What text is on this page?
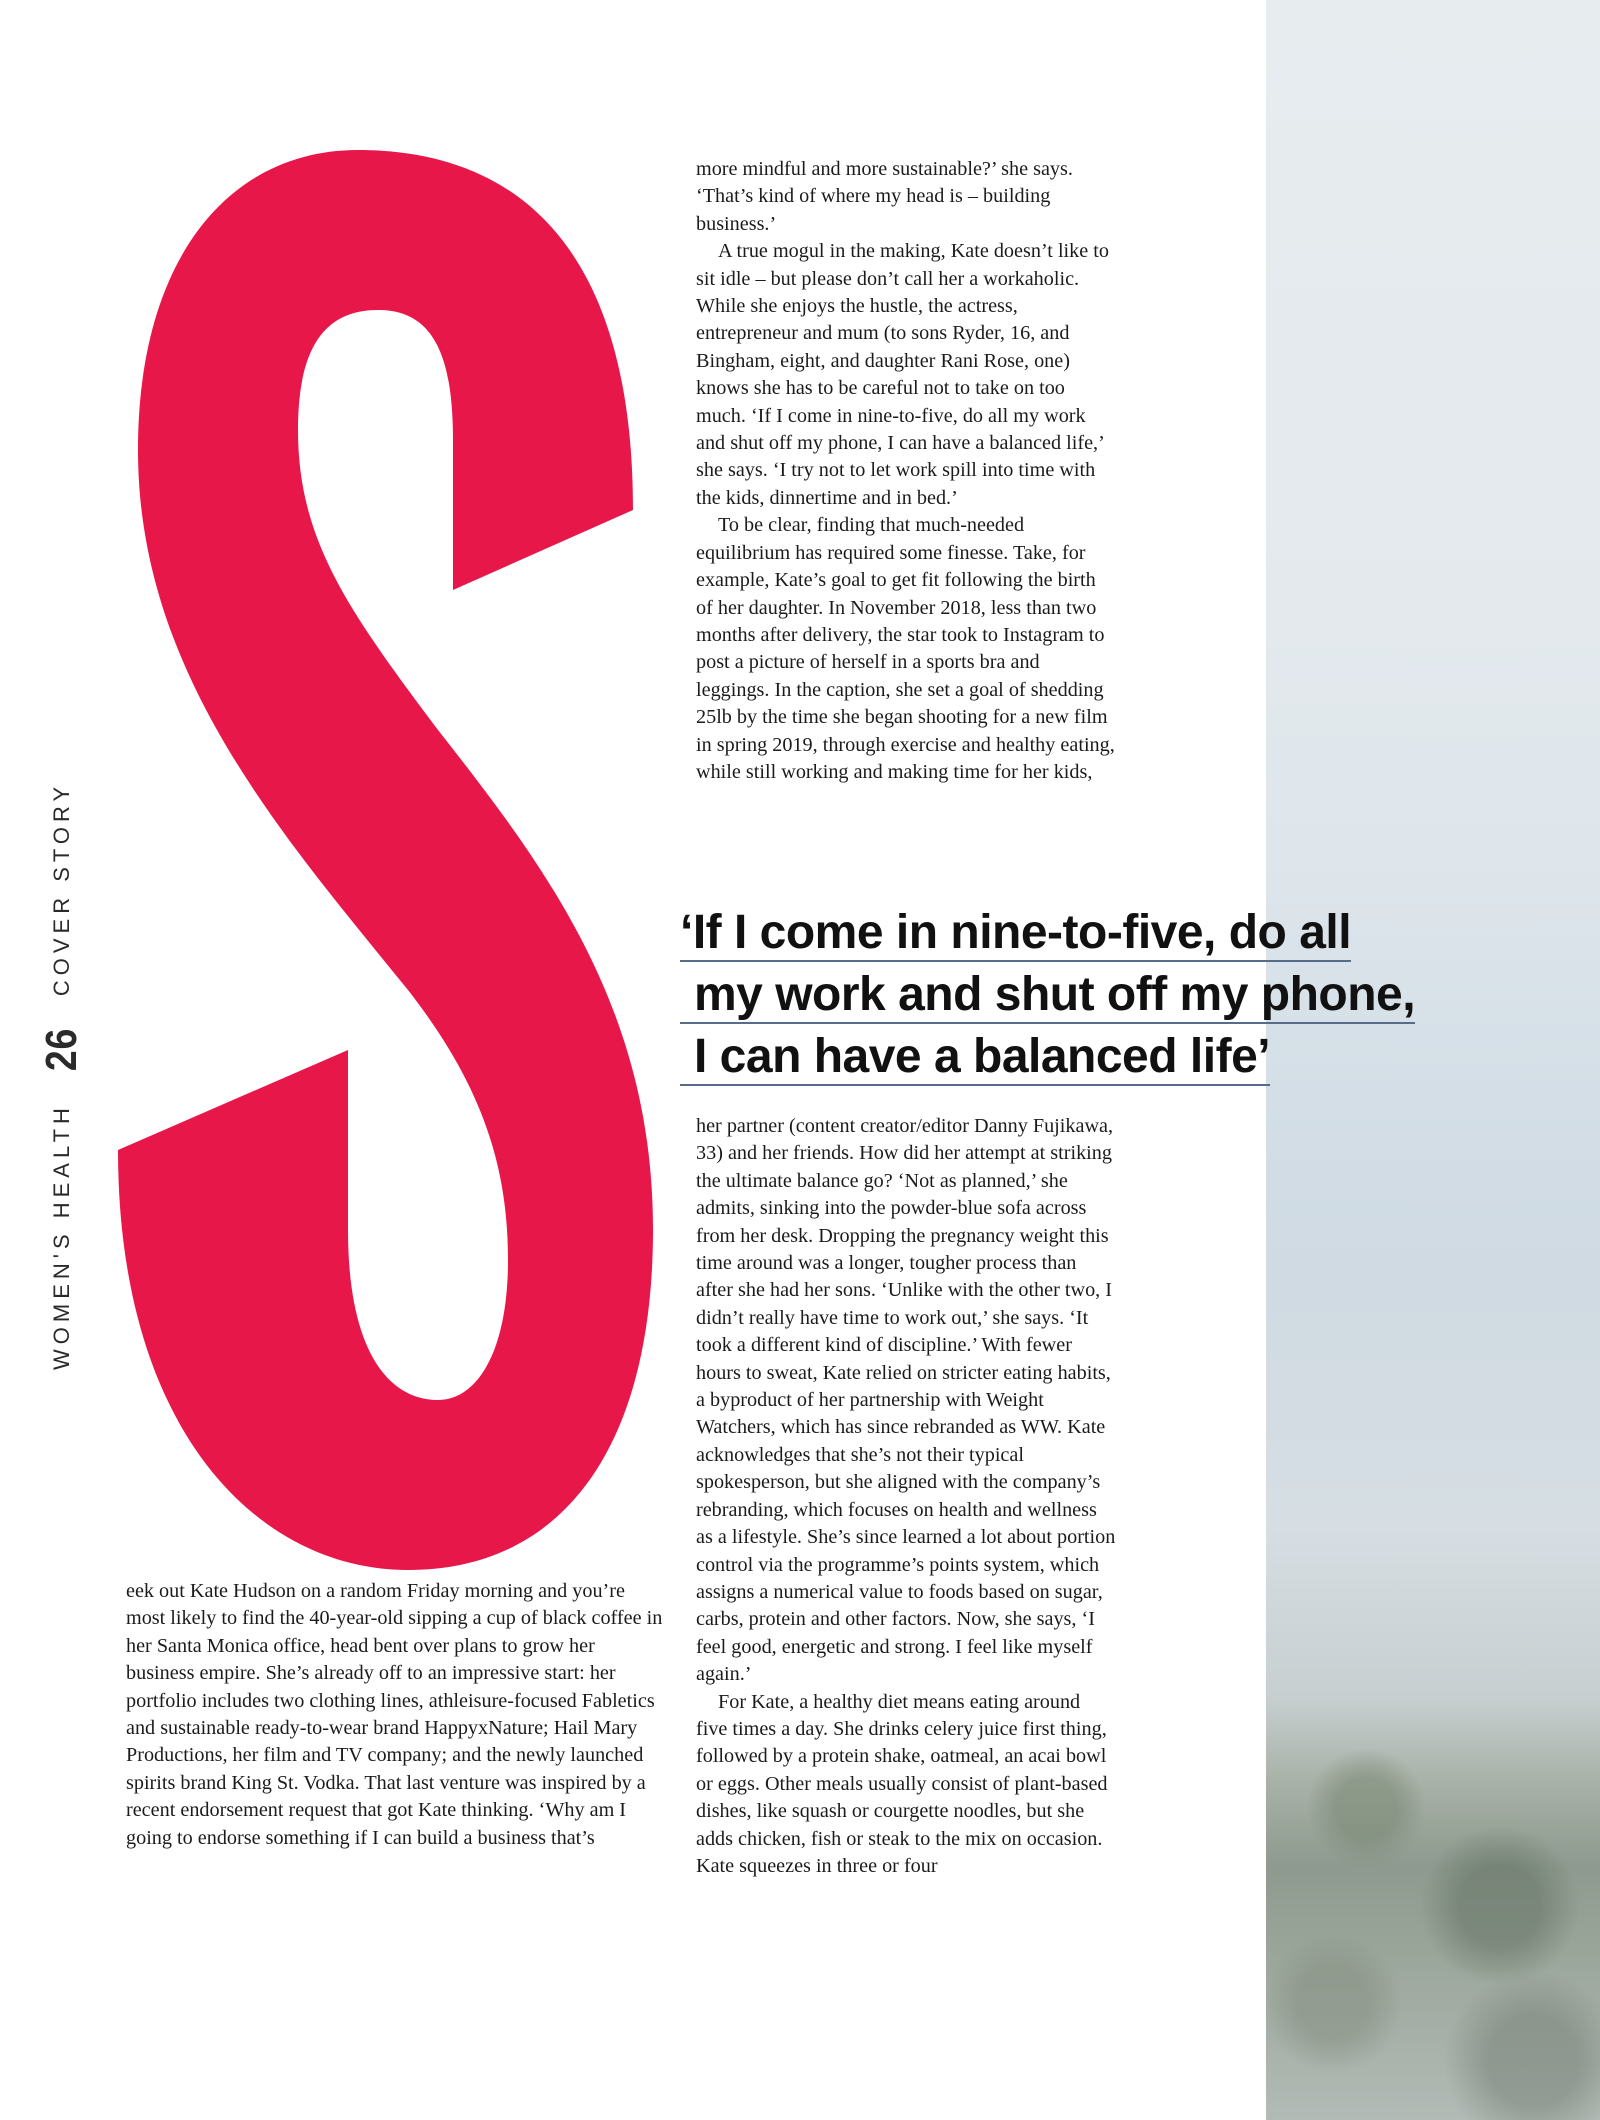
WOMEN'S HEALTH
26
COVER STORY

more mindful and more sustainable?’ she says. ‘That’s kind of where my head is – building business.’

A true mogul in the making, Kate doesn’t like to sit idle – but please don’t call her a workaholic. While she enjoys the hustle, the actress, entrepreneur and mum (to sons Ryder, 16, and Bingham, eight, and daughter Rani Rose, one) knows she has to be careful not to take on too much. ‘If I come in nine-to-five, do all my work and shut off my phone, I can have a balanced life,’ she says. ‘I try not to let work spill into time with the kids, dinnertime and in bed.’

To be clear, finding that much-needed equilibrium has required some finesse. Take, for example, Kate’s goal to get fit following the birth of her daughter. In November 2018, less than two months after delivery, the star took to Instagram to post a picture of herself in a sports bra and leggings. In the caption, she set a goal of shedding 25lb by the time she began shooting for a new film in spring 2019, through exercise and healthy eating, while still working and making time for her kids,

‘If I come in nine-to-five, do all
my work and shut off my phone,
I can have a balanced life’

her partner (content creator/editor Danny Fujikawa, 33) and her friends. How did her attempt at striking the ultimate balance go? ‘Not as planned,’ she admits, sinking into the powder-blue sofa across from her desk. Dropping the pregnancy weight this time around was a longer, tougher process than after she had her sons. ‘Unlike with the other two, I didn’t really have time to work out,’ she says. ‘It took a different kind of discipline.’ With fewer hours to sweat, Kate relied on stricter eating habits, a byproduct of her partnership with Weight Watchers, which has since rebranded as WW. Kate acknowledges that she’s not their typical spokesperson, but she aligned with the company’s rebranding, which focuses on health and wellness as a lifestyle. She’s since learned a lot about portion control via the programme’s points system, which assigns a numerical value to foods based on sugar, carbs, protein and other factors. Now, she says, ‘I feel good, energetic and strong. I feel like myself again.’

For Kate, a healthy diet means eating around five times a day. She drinks celery juice first thing, followed by a protein shake, oatmeal, an acai bowl or eggs. Other meals usually consist of plant-based dishes, like squash or courgette noodles, but she adds chicken, fish or steak to the mix on occasion. Kate squeezes in three or four

eek out Kate Hudson on a random Friday morning and you’re most likely to find the 40-year-old sipping a cup of black coffee in her Santa Monica office, head bent over plans to grow her business empire. She’s already off to an impressive start: her portfolio includes two clothing lines, athleisure-focused Fabletics and sustainable ready-to-wear brand HappyxNature; Hail Mary Productions, her film and TV company; and the newly launched spirits brand King St. Vodka. That last venture was inspired by a recent endorsement request that got Kate thinking. ‘Why am I going to endorse something if I can build a business that’s
